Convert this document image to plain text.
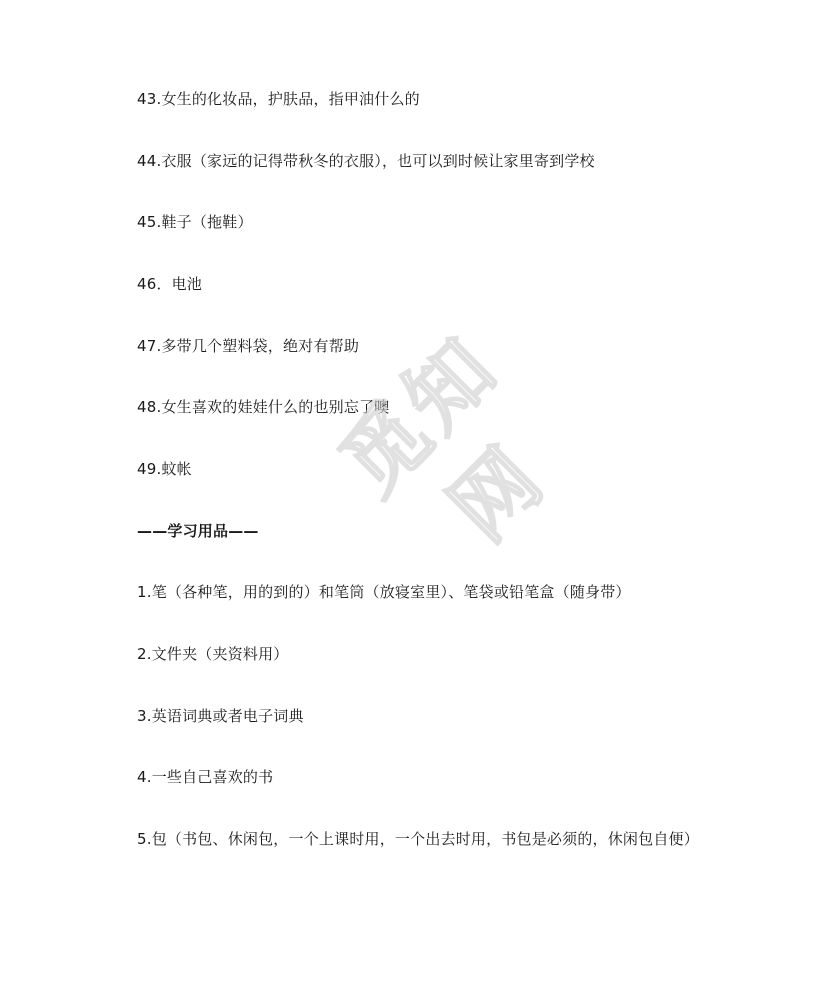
43.女生的化妆品，护肤品，指甲油什么的
44.衣服（家远的记得带秋冬的衣服），也可以到时候让家里寄到学校
45.鞋子（拖鞋）
46．电池
47.多带几个塑料袋，绝对有帮助
48.女生喜欢的娃娃什么的也别忘了噢
49.蚊帐
——学习用品——
1.笔（各种笔，用的到的）和笔筒（放寝室里）、笔袋或铅笔盒（随身带）
2.文件夹（夹资料用）
3.英语词典或者电子词典
4.一些自己喜欢的书
5.包（书包、休闲包，一个上课时用，一个出去时用，书包是必须的，休闲包自便）
觅知网
